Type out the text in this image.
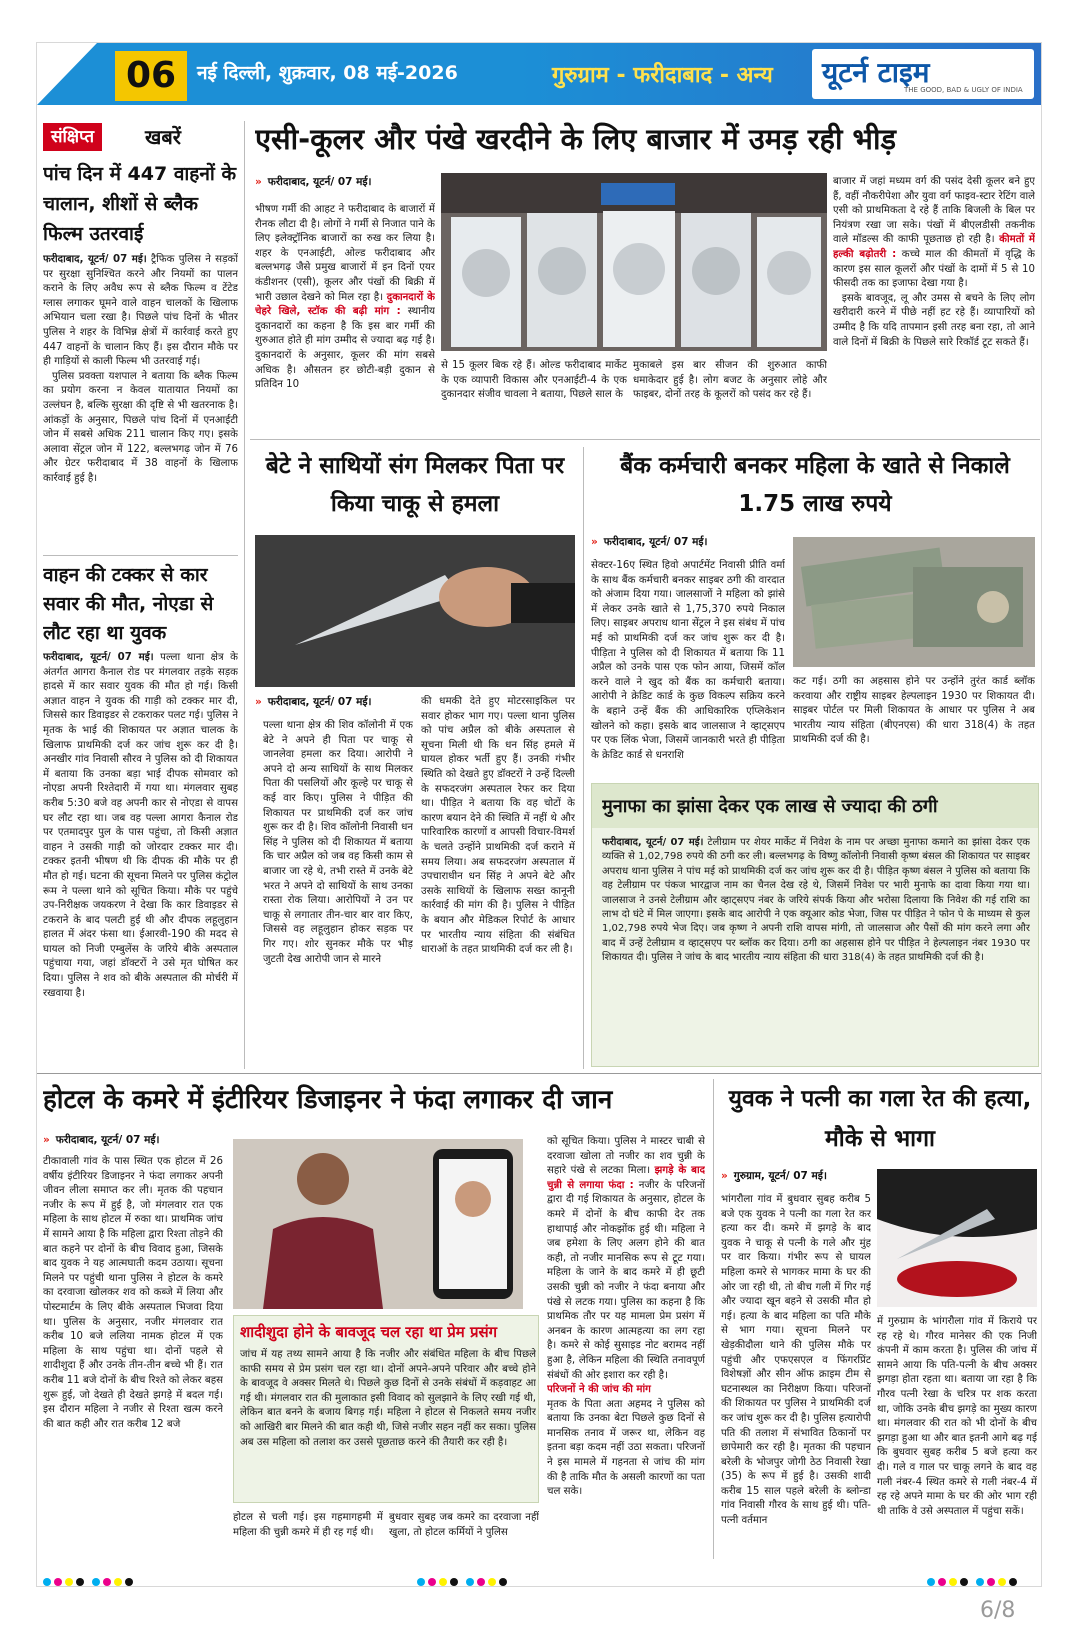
06	नई दिल्ली, शुक्रवार, 08 मई-2026	गुरुग्राम - फरीदाबाद - अन्य यूटर्न टाइम
THE GOOD, BAD & UGLY OF INDIA
संक्षिप्त	खबरें
पांच दिन में 447 वाहनों के चालान, शीशों से ब्लैक फिल्म उतरवाई
फरीदाबाद, यूटर्न/ 07 मई। ट्रैफिक पुलिस ने सड़कों पर सुरक्षा सुनिश्चित करने और नियमों का पालन कराने के लिए अवैध रूप से ब्लैक फिल्म व टेंटेड ग्लास लगाकर घूमने वाले वाहन चालकों के खिलाफ अभियान चला रखा है। पिछले पांच दिनों के भीतर पुलिस ने शहर के विभिन्न क्षेत्रों में कार्रवाई करते हुए 447 वाहनों के चालान किए हैं। इस दौरान मौके पर ही गाड़ियों से काली फिल्म भी उतरवाई गई।
पुलिस प्रवक्ता यशपाल ने बताया कि ब्लैक फिल्म का प्रयोग करना न केवल यातायात नियमों का उल्लंघन है, बल्कि सुरक्षा की दृष्टि से भी खतरनाक है। आंकड़ों के अनुसार, पिछले पांच दिनों में एनआईटी जोन में सबसे अधिक 211 चालान किए गए। इसके अलावा सेंट्रल जोन में 122, बल्लभगढ़ जोन में 76 और ग्रेटर फरीदाबाद में 38 वाहनों के खिलाफ कार्रवाई हुई है।
वाहन की टक्कर से कार सवार की मौत, नोएडा से लौट रहा था युवक
फरीदाबाद, यूटर्न/ 07 मई। पल्ला थाना क्षेत्र के अंतर्गत आगरा कैनाल रोड पर मंगलवार तड़के सड़क हादसे में कार सवार युवक की मौत हो गई। किसी अज्ञात वाहन ने युवक की गाड़ी को टक्कर मार दी, जिससे कार डिवाइडर से टकराकर पलट गई। पुलिस ने मृतक के भाई की शिकायत पर अज्ञात चालक के खिलाफ प्राथमिकी दर्ज कर जांच शुरू कर दी है। अनखीर गांव निवासी सौरव ने पुलिस को दी शिकायत में बताया कि उनका बड़ा भाई दीपक सोमवार को नोएडा अपनी रिश्तेदारी में गया था। मंगलवार सुबह करीब 5:30 बजे वह अपनी कार से नोएडा से वापस घर लौट रहा था। जब वह पल्ला आगरा कैनाल रोड पर एतमादपुर पुल के पास पहुंचा, तो किसी अज्ञात वाहन ने उसकी गाड़ी को जोरदार टक्कर मार दी। टक्कर इतनी भीषण थी कि दीपक की मौके पर ही मौत हो गई। घटना की सूचना मिलने पर पुलिस कंट्रोल रूम ने पल्ला थाने को सूचित किया। मौके पर पहुंचे उप-निरीक्षक जयकरण ने देखा कि कार डिवाइडर से टकराने के बाद पलटी हुई थी और दीपक लहूलुहान हालत में अंदर फंसा था। ईआरवी-190 की मदद से घायल को निजी एम्बुलेंस के जरिये बीके अस्पताल पहुंचाया गया, जहां डॉक्टरों ने उसे मृत घोषित कर दिया। पुलिस ने शव को बीके अस्पताल की मोर्चरी में रखवाया है।
एसी-कूलर और पंखे खरदीने के लिए बाजार में उमड़ रही भीड़
» फरीदाबाद, यूटर्न/ 07 मई।
भीषण गर्मी की आहट ने फरीदाबाद के बाजारों में रौनक लौटा दी है। लोगों ने गर्मी से निजात पाने के लिए इलेक्ट्रॉनिक बाजारों का रुख कर लिया है। शहर के एनआईटी, ओल्ड फरीदाबाद और बल्लभगढ़ जैसे प्रमुख बाजारों में इन दिनों एयर कंडीशनर (एसी), कूलर और पंखों की बिक्री में भारी उछाल देखने को मिल रहा है। दुकानदारों के चेहरे खिले, स्टॉक की बढ़ी मांग : स्थानीय दुकानदारों का कहना है कि इस बार गर्मी की शुरुआत होते ही मांग उम्मीद से ज्यादा बढ़ गई है। दुकानदारों के अनुसार, कूलर की मांग सबसे अधिक है। औसतन हर छोटी-बड़ी दुकान से प्रतिदिन 10
से 15 कूलर बिक रहे हैं। ओल्ड फरीदाबाद मार्केट के एक व्यापारी विकास और एनआईटी-4 के एक दुकानदार संजीव चावला ने बताया, पिछले साल के
मुकाबले इस बार सीजन की शुरुआत काफी धमाकेदार हुई है। लोग बजट के अनुसार लोहे और फाइबर, दोनों तरह के कूलरों को पसंद कर रहे हैं।
बाजार में जहां मध्यम वर्ग की पसंद देसी कूलर बने हुए हैं, वहीं नौकरीपेशा और युवा वर्ग फाइव-स्टार रेटिंग वाले एसी को प्राथमिकता दे रहे हैं ताकि बिजली के बिल पर नियंत्रण रखा जा सके। पंखों में बीएलडीसी तकनीक वाले मॉडल्स की काफी पूछताछ हो रही है। कीमतों में हल्की बढ़ोतरी : कच्चे माल की कीमतों में वृद्धि के कारण इस साल कूलरों और पंखों के दामों में 5 से 10 फीसदी तक का इजाफा देखा गया है।
इसके बावजूद, लू और उमस से बचने के लिए लोग खरीदारी करने में पीछे नहीं हट रहे हैं। व्यापारियों को उम्मीद है कि यदि तापमान इसी तरह बना रहा, तो आने वाले दिनों में बिक्री के पिछले सारे रिकॉर्ड टूट सकते हैं।
बेटे ने साथियों संग मिलकर पिता पर किया चाकू से हमला
» फरीदाबाद, यूटर्न/ 07 मई।
पल्ला थाना क्षेत्र की शिव कॉलोनी में एक बेटे ने अपने ही पिता पर चाकू से जानलेवा हमला कर दिया। आरोपी ने अपने दो अन्य साथियों के साथ मिलकर पिता की पसलियों और कूल्हे पर चाकू से कई वार किए। पुलिस ने पीड़ित की शिकायत पर प्राथमिकी दर्ज कर जांच शुरू कर दी है। शिव कॉलोनी निवासी धन सिंह ने पुलिस को दी शिकायत में बताया कि चार अप्रैल को जब वह किसी काम से बाजार जा रहे थे, तभी रास्ते में उनके बेटे भरत ने अपने दो साथियों के साथ उनका रास्ता रोक लिया। आरोपियों ने उन पर चाकू से लगातार तीन-चार बार वार किए, जिससे वह लहूलुहान होकर सड़क पर गिर गए। शोर सुनकर मौके पर भीड़ जुटती देख आरोपी जान से मारने
की धमकी देते हुए मोटरसाइकिल पर सवार होकर भाग गए। पल्ला थाना पुलिस को पांच अप्रैल को बीके अस्पताल से सूचना मिली थी कि धन सिंह हमले में घायल होकर भर्ती हुए हैं। उनकी गंभीर स्थिति को देखते हुए डॉक्टरों ने उन्हें दिल्ली के सफदरजंग अस्पताल रेफर कर दिया था। पीड़ित ने बताया कि वह चोटों के कारण बयान देने की स्थिति में नहीं थे और पारिवारिक कारणों व आपसी विचार-विमर्श के चलते उन्होंने प्राथमिकी दर्ज कराने में समय लिया। अब सफदरजंग अस्पताल में उपचाराधीन धन सिंह ने अपने बेटे और उसके साथियों के खिलाफ सख्त कानूनी कार्रवाई की मांग की है। पुलिस ने पीड़ित के बयान और मेडिकल रिपोर्ट के आधार पर भारतीय न्याय संहिता की संबंधित धाराओं के तहत प्राथमिकी दर्ज कर ली है।
बैंक कर्मचारी बनकर महिला के खाते से निकाले 1.75 लाख रुपये
» फरीदाबाद, यूटर्न/ 07 मई।
सेक्टर-16ए स्थित हिवो अपार्टमेंट निवासी प्रीति वर्मा के साथ बैंक कर्मचारी बनकर साइबर ठगी की वारदात को अंजाम दिया गया। जालसाजों ने महिला को झांसे में लेकर उनके खाते से 1,75,370 रुपये निकाल लिए। साइबर अपराध थाना सेंट्रल ने इस संबंध में पांच मई को प्राथमिकी दर्ज कर जांच शुरू कर दी है। पीड़िता ने पुलिस को दी शिकायत में बताया कि 11 अप्रैल को उनके पास एक फोन आया, जिसमें कॉल करने वाले ने खुद को बैंक का कर्मचारी बताया। आरोपी ने क्रेडिट कार्ड के कुछ विकल्प सक्रिय करने के बहाने उन्हें बैंक की आधिकारिक एप्लिकेशन खोलने को कहा। इसके बाद जालसाज ने व्हाट्सएप पर एक लिंक भेजा, जिसमें जानकारी भरते ही पीड़िता के क्रेडिट कार्ड से धनराशि
कट गई। ठगी का अहसास होने पर उन्होंने तुरंत कार्ड ब्लॉक करवाया और राष्ट्रीय साइबर हेल्पलाइन 1930 पर शिकायत दी। साइबर पोर्टल पर मिली शिकायत के आधार पर पुलिस ने अब भारतीय न्याय संहिता (बीएनएस) की धारा 318(4) के तहत प्राथमिकी दर्ज की है।
मुनाफा का झांसा देकर एक लाख से ज्यादा की ठगी
फरीदाबाद, यूटर्न/ 07 मई। टेलीग्राम पर शेयर मार्केट में निवेश के नाम पर अच्छा मुनाफा कमाने का झांसा देकर एक व्यक्ति से 1,02,798 रुपये की ठगी कर ली। बल्लभगढ़ के विष्णु कॉलोनी निवासी कृष्ण बंसल की शिकायत पर साइबर अपराध थाना पुलिस ने पांच मई को प्राथमिकी दर्ज कर जांच शुरू कर दी है। पीड़ित कृष्ण बंसल ने पुलिस को बताया कि वह टेलीग्राम पर पंकज भारद्वाज नाम का चैनल देख रहे थे, जिसमें निवेश पर भारी मुनाफे का दावा किया गया था। जालसाज ने उनसे टेलीग्राम और व्हाट्सएप नंबर के जरिये संपर्क किया और भरोसा दिलाया कि निवेश की गई राशि का लाभ दो घंटे में मिल जाएगा। इसके बाद आरोपी ने एक क्यूआर कोड भेजा, जिस पर पीड़ित ने फोन पे के माध्यम से कुल 1,02,798 रुपये भेज दिए। जब कृष्ण ने अपनी राशि वापस मांगी, तो जालसाज और पैसों की मांग करने लगा और बाद में उन्हें टेलीग्राम व व्हाट्सएप पर ब्लॉक कर दिया। ठगी का अहसास होने पर पीड़ित ने हेल्पलाइन नंबर 1930 पर शिकायत दी। पुलिस ने जांच के बाद भारतीय न्याय संहिता की धारा 318(4) के तहत प्राथमिकी दर्ज की है।
होटल के कमरे में इंटीरियर डिजाइनर ने फंदा लगाकर दी जान
» फरीदाबाद, यूटर्न/ 07 मई।
टीकावाली गांव के पास स्थित एक होटल में 26 वर्षीय इंटीरियर डिजाइनर ने फंदा लगाकर अपनी जीवन लीला समाप्त कर ली। मृतक की पहचान नजीर के रूप में हुई है, जो मंगलवार रात एक महिला के साथ होटल में रुका था। प्राथमिक जांच में सामने आया है कि महिला द्वारा रिश्ता तोड़ने की बात कहने पर दोनों के बीच विवाद हुआ, जिसके बाद युवक ने यह आत्मघाती कदम उठाया। सूचना मिलने पर पहुंची थाना पुलिस ने होटल के कमरे का दरवाजा खोलकर शव को कब्जे में लिया और पोस्टमार्टम के लिए बीके अस्पताल भिजवा दिया था। पुलिस के अनुसार, नजीर मंगलवार रात करीब 10 बजे ललिया नामक होटल में एक महिला के साथ पहुंचा था। दोनों पहले से शादीशुदा हैं और उनके तीन-तीन बच्चे भी हैं। रात करीब 11 बजे दोनों के बीच रिश्ते को लेकर बहस शुरू हुई, जो देखते ही देखते झगड़े में बदल गई। इस दौरान महिला ने नजीर से रिश्ता खत्म करने की बात कही और रात करीब 12 बजे
शादीशुदा होने के बावजूद चल रहा था प्रेम प्रसंग
जांच में यह तथ्य सामने आया है कि नजीर और संबंधित महिला के बीच पिछले काफी समय से प्रेम प्रसंग चल रहा था। दोनों अपने-अपने परिवार और बच्चे होने के बावजूद वे अक्सर मिलते थे। पिछले कुछ दिनों से उनके संबंधों में कड़वाहट आ गई थी। मंगलवार रात की मुलाकात इसी विवाद को सुलझाने के लिए रखी गई थी, लेकिन बात बनने के बजाय बिगड़ गई। महिला ने होटल से निकलते समय नजीर को आखिरी बार मिलने की बात कही थी, जिसे नजीर सहन नहीं कर सका। पुलिस अब उस महिला को तलाश कर उससे पूछताछ करने की तैयारी कर रही है।
होटल से चली गई। इस गहमागहमी में महिला की चुन्नी कमरे में ही रह गई थी।
बुधवार सुबह जब कमरे का दरवाजा नहीं खुला, तो होटल कर्मियों ने पुलिस
को सूचित किया। पुलिस ने मास्टर चाबी से दरवाजा खोला तो नजीर का शव चुन्नी के सहारे पंखे से लटका मिला। झगड़े के बाद चुन्नी से लगाया फंदा : नजीर के परिजनों द्वारा दी गई शिकायत के अनुसार, होटल के कमरे में दोनों के बीच काफी देर तक हाथापाई और नोकझोंक हुई थी। महिला ने जब हमेशा के लिए अलग होने की बात कही, तो नजीर मानसिक रूप से टूट गया। महिला के जाने के बाद कमरे में ही छूटी उसकी चुन्नी को नजीर ने फंदा बनाया और पंखे से लटक गया। पुलिस का कहना है कि प्राथमिक तौर पर यह मामला प्रेम प्रसंग में अनबन के कारण आत्महत्या का लग रहा है। कमरे से कोई सुसाइड नोट बरामद नहीं हुआ है, लेकिन महिला की स्थिति तनावपूर्ण संबंधों की ओर इशारा कर रही है।
परिजनों ने की जांच की मांग
मृतक के पिता अता अहमद ने पुलिस को बताया कि उनका बेटा पिछले कुछ दिनों से मानसिक तनाव में जरूर था, लेकिन वह इतना बड़ा कदम नहीं उठा सकता। परिजनों ने इस मामले में गहनता से जांच की मांग की है ताकि मौत के असली कारणों का पता चल सके।
युवक ने पत्नी का गला रेत की हत्या, मौके से भागा
» गुरुग्राम, यूटर्न/ 07 मई।
भांगरौला गांव में बुधवार सुबह करीब 5 बजे एक युवक ने पत्नी का गला रेत कर हत्या कर दी। कमरे में झगड़े के बाद युवक ने चाकू से पत्नी के गले और मुंह पर वार किया। गंभीर रूप से घायल महिला कमरे से भागकर मामा के घर की ओर जा रही थी, तो बीच गली में गिर गई और ज्यादा खून बहने से उसकी मौत हो गई। हत्या के बाद महिला का पति मौके से भाग गया। सूचना मिलने पर खेड़कीदौला थाने की पुलिस मौके पर पहुंची और एफएसएल व फिंगरप्रिंट विशेषज्ञों और सीन ऑफ क्राइम टीम से घटनास्थल का निरीक्षण किया। परिजनों की शिकायत पर पुलिस ने प्राथमिकी दर्ज कर जांच शुरू कर दी है। पुलिस हत्यारोपी पति की तलाश में संभावित ठिकानों पर छापेमारी कर रही है। मृतका की पहचान बरेली के भोजपुर जोगी ठेठ निवासी रेखा (35) के रूप में हुई है। उसकी शादी करीब 15 साल पहले बरेली के ब्लोन्डा गांव निवासी गौरव के साथ हुई थी। पति-पत्नी वर्तमान
में गुरुग्राम के भांगरौला गांव में किराये पर रह रहे थे। गौरव मानेसर की एक निजी कंपनी में काम करता है। पुलिस की जांच में सामने आया कि पति-पत्नी के बीच अक्सर झगड़ा होता रहता था। बताया जा रहा है कि गौरव पत्नी रेखा के चरित्र पर शक करता था, जोकि उनके बीच झगड़े का मुख्य कारण था। मंगलवार की रात को भी दोनों के बीच झगड़ा हुआ था और बात इतनी आगे बढ़ गई कि बुधवार सुबह करीब 5 बजे हत्या कर दी। गले व गाल पर चाकू लगने के बाद वह गली नंबर-4 स्थित कमरे से गली नंबर-4 में रह रहे अपने मामा के घर की ओर भाग रही थी ताकि वे उसे अस्पताल में पहुंचा सकें।

6/8
